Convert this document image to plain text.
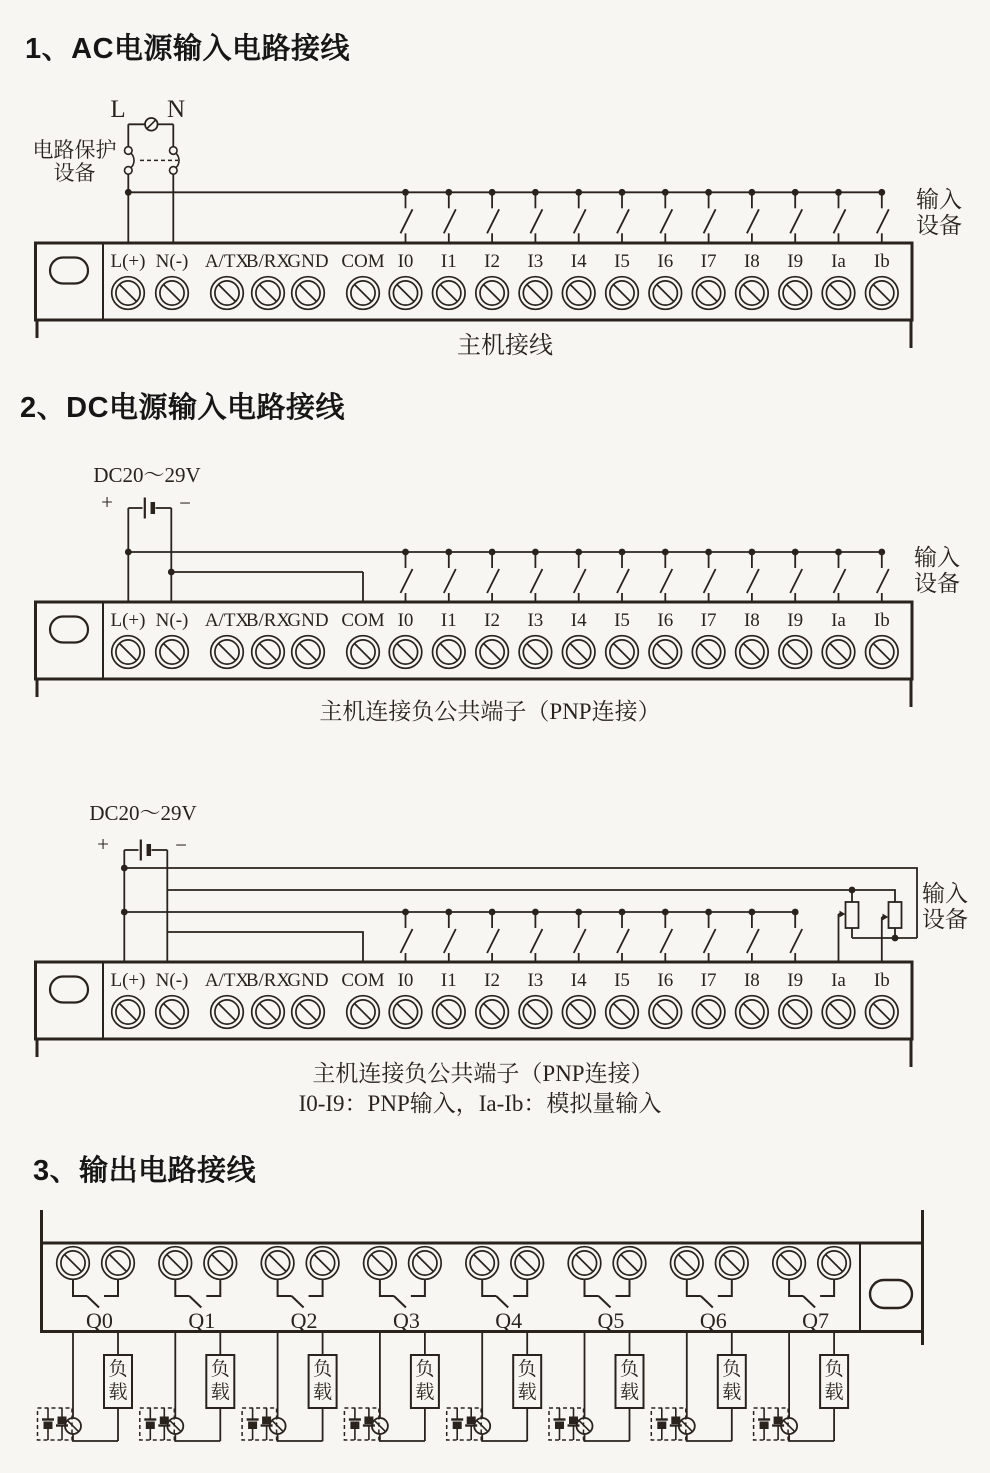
1、AC电源输入电路接线
2、DC电源输入电路接线
3、输出电路接线
L N
电路保护
设备
输入
设备
主机接线
DC20～29V
+	−
输入
设备
主机连接负公共端子（PNP连接）
DC20～29V
+	−
输入
设备
主机连接负公共端子（PNP连接）
I0-I9：PNP输入，Ia-Ib：模拟量输入
L(+) N(-) A/TX
B/RX
GND COM I0	I1	I2	I3	I4	I5	I6	I7	I8	I9	Ia	Ib
L(+) N(-) A/TX
B/RX
GND COM I0	I1	I2	I3	I4	I5	I6	I7	I8	I9	Ia	Ib
L(+) N(-) A/TX
B/RX
GND COM I0	I1	I2	I3	I4	I5	I6	I7	I8	I9	Ia	Ib
Q0
负载
Q1
负载
Q2
负载
Q3
负载
Q4
负载
Q5
负载
Q6
负载
Q7
负载
